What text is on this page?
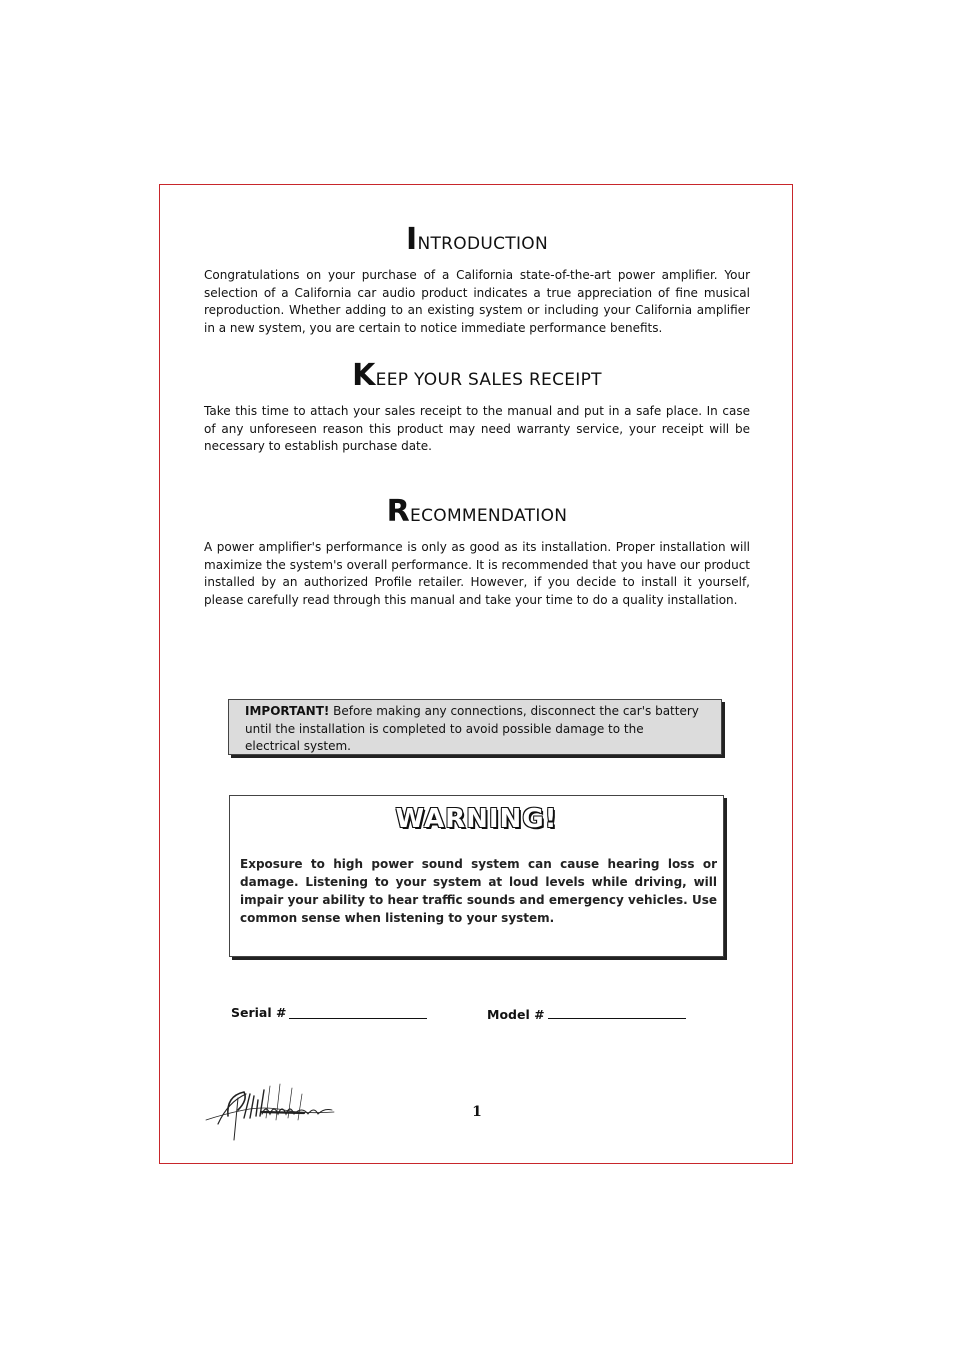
INTRODUCTION
Congratulations on your purchase of a California state-of-the-art power amplifier. Your selection of a California car audio product indicates a true appreciation of fine musical reproduction. Whether adding to an existing system or including your California amplifier in a new system, you are certain to notice immediate performance benefits.
KEEP YOUR SALES RECEIPT
Take this time to attach your sales receipt to the manual and put in a safe place. In case of any unforeseen reason this product may need warranty service, your receipt will be necessary to establish purchase date.
RECOMMENDATION
A power amplifier's performance is only as good as its installation. Proper installation will maximize the system's overall performance. It is recommended that you have our product installed by an authorized Profile retailer. However, if you decide to install it yourself, please carefully read through this manual and take your time to do a quality installation.
IMPORTANT! Before making any connections, disconnect the car's battery until the installation is completed to avoid possible damage to the electrical system.
WARNING!
Exposure to high power sound system can cause hearing loss or damage. Listening to your system at loud levels while driving, will impair your ability to hear traffic sounds and emergency vehicles. Use common sense when listening to your system.
Serial #	Model #
1
